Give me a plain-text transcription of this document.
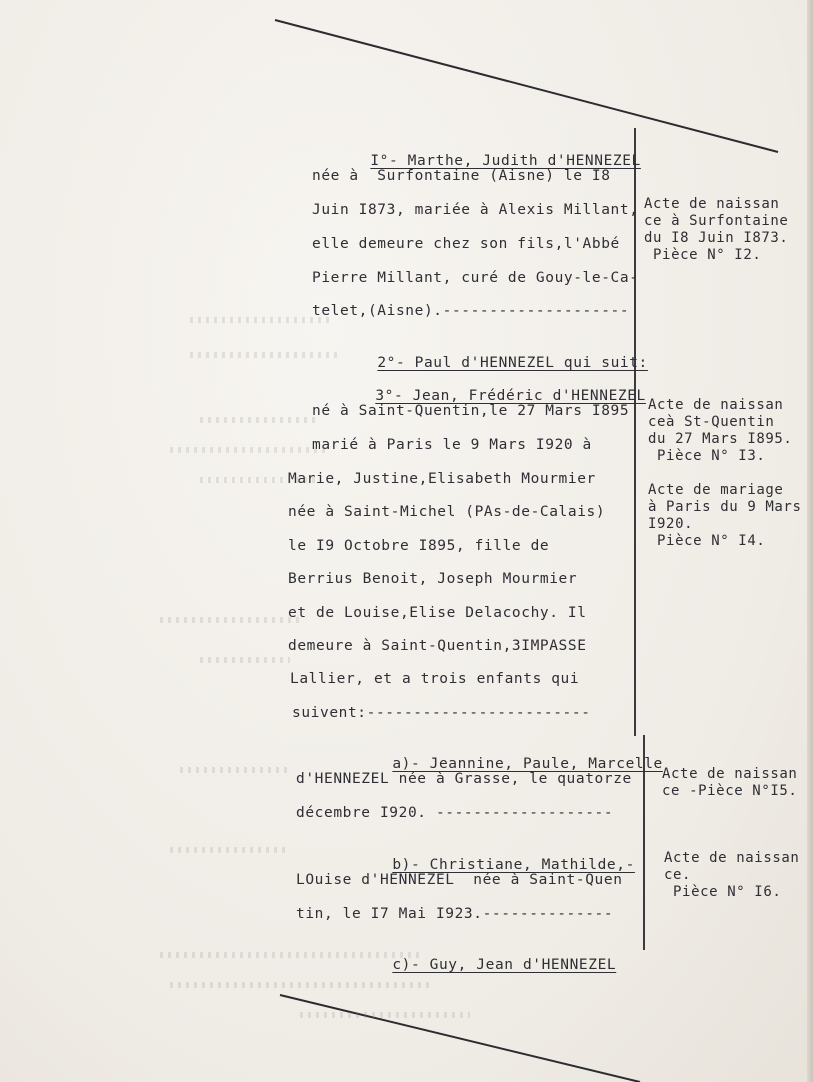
I°- Marthe, Judith d'HENNEZEL
née à  Surfontaine (Aisne) le I8
Juin I873, mariée à Alexis Millant,
elle demeure chez son fils,l'Abbé
Pierre Millant, curé de Gouy-le-Ca-
telet,(Aisne).--------------------

2°- Paul d'HENNEZEL qui suit:

3°- Jean, Frédéric d'HENNEZEL
né à Saint-Quentin,le 27 Mars I895
marié à Paris le 9 Mars I920 à
Marie, Justine,Elisabeth Mourmier
née à Saint-Michel (PAs-de-Calais)
le I9 Octobre I895, fille de
Berrius Benoit, Joseph Mourmier
et de Louise,Elise Delacochy. Il
demeure à Saint-Quentin,3IMPASSE
Lallier, et a trois enfants qui
suivent:------------------------

a)- Jeannine, Paule, Marcelle
d'HENNEZEL née à Grasse, le quatorze
décembre I920. -------------------

b)- Christiane, Mathilde,-
LOuise d'HENNEZEL  née à Saint-Quen
tin, le I7 Mai I923.--------------

c)- Guy, Jean d'HENNEZEL
Acte de naissan
ce à Surfontaine
du I8 Juin I873.
Pièce N° I2.
Acte de naissan
ceà St-Quentin
du 27 Mars I895.
Pièce N° I3.
Acte de mariage
à Paris du 9 Mars
I920.
Pièce N° I4.
Acte de naissan
ce -Pièce N°I5.
Acte de naissan
ce.
Pièce N° I6.
